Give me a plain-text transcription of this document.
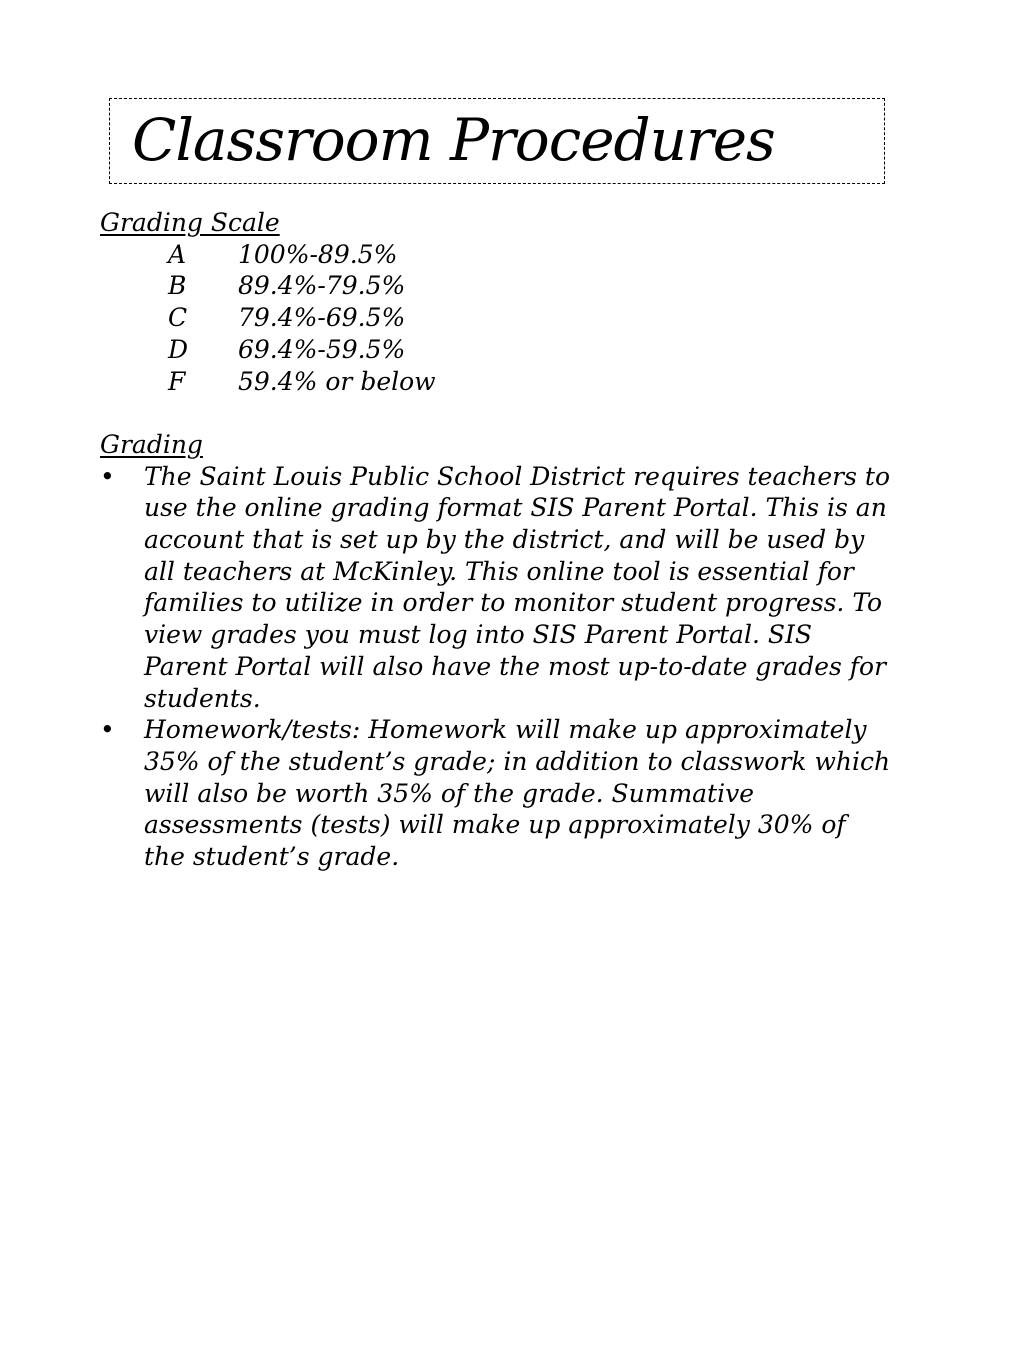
Classroom Procedures

Grading Scale

A	100%-89.5%
B	89.4%-79.5%
C	79.4%-69.5%
D	69.4%-59.5%
F	59.4% or below

Grading

• The Saint Louis Public School District requires teachers to use the online grading format SIS Parent Portal. This is an account that is set up by the district, and will be used by all teachers at McKinley. This online tool is essential for families to utilize in order to monitor student progress. To view grades you must log into SIS Parent Portal. SIS Parent Portal will also have the most up-to-date grades for students.
• Homework/tests: Homework will make up approximately 35% of the student’s grade; in addition to classwork which will also be worth 35% of the grade. Summative assessments (tests) will make up approximately 30% of the student’s grade.
